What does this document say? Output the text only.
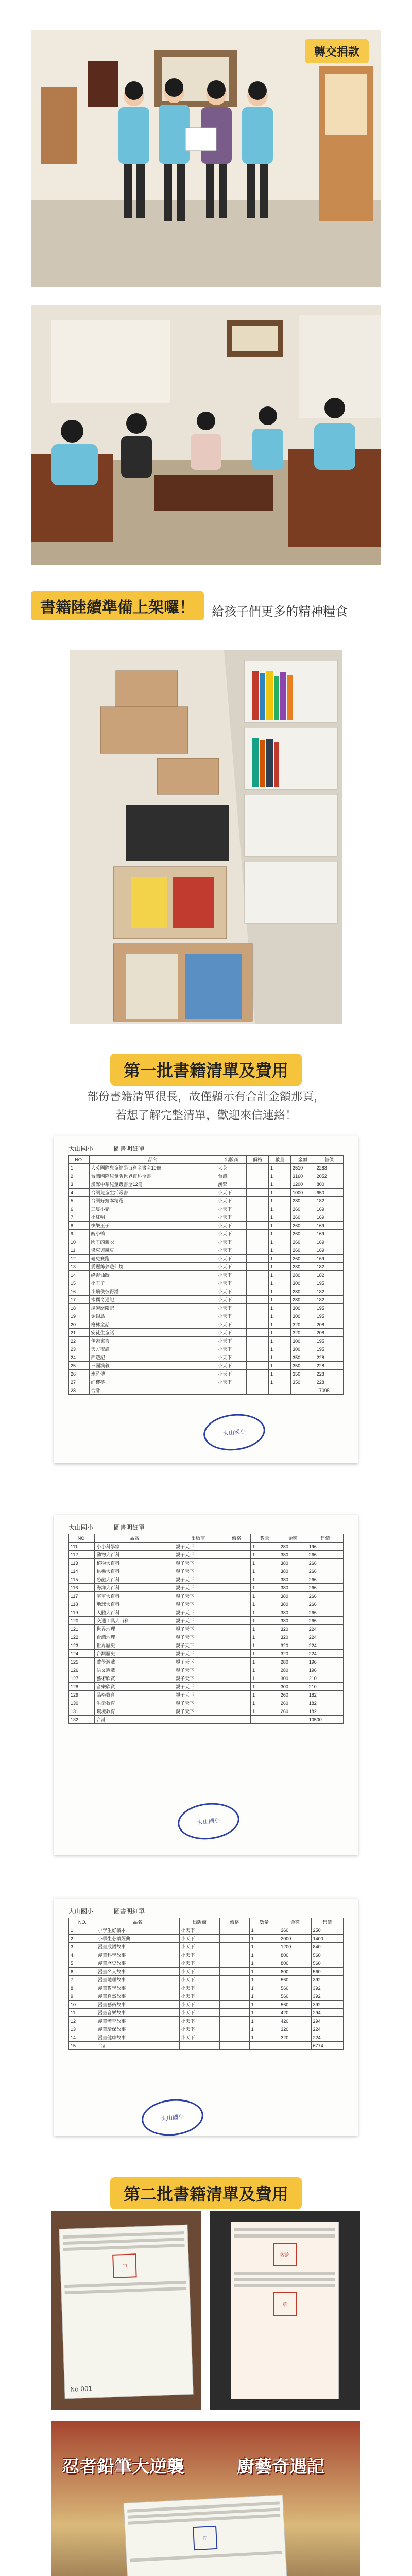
轉交捐款
書籍陸續準備上架囉！ 給孩子們更多的精神糧食
第一批書籍清單及費用
部份書籍清單很長，故僅顯示有合計金額那頁，
若想了解完整清單，歡迎來信連絡！
大山國小	圖書明細單
NO.	品名	出版商	價格	數量	金額	售價
1	大英國際兒童簡易百科全書全10冊	大英		1	3510	2283
2	台灣國際兒童版世界百科全書	台灣		1	3160	2052
3	漢聲中華兒童叢書全12冊	漢聲		1	1200	800
4	台灣兒童生活叢書	小天下		1	1000	650
5	台灣好繪本精選	小天下		1	280	182
6	三隻小豬	小天下		1	260	169
7	小紅帽	小天下		1	260	169
8	快樂王子	小天下		1	260	169
9	醜小鴨	小天下		1	260	169
10	國王的新衣	小天下		1	260	169
11	傑克與魔豆	小天下		1	260	169
12	龜兔賽跑	小天下		1	260	169
13	愛麗絲夢遊仙境	小天下		1	280	182
14	綠野仙蹤	小天下		1	280	182
15	小王子	小天下		1	300	195
16	小飛俠彼得潘	小天下		1	280	182
17	木偶奇遇記	小天下		1	280	182
18	湯姆歷險記	小天下		1	300	195
19	金銀島	小天下		1	300	195
20	格林童話	小天下		1	320	208
21	安徒生童話	小天下		1	320	208
22	伊索寓言	小天下		1	300	195
23	天方夜譚	小天下		1	300	195
24	西遊記	小天下		1	350	228
25	三國演義	小天下		1	350	228
26	水滸傳	小天下		1	350	228
27	紅樓夢	小天下		1	350	228
28	合計					17095
大山國小
大山國小	圖書明細單
NO.	品名	出版商	價格	數量	金額	售價
111	小小科學家	親子天下		1	280	196
112	動物大百科	親子天下		1	380	266
113	植物大百科	親子天下		1	380	266
114	昆蟲大百科	親子天下		1	380	266
115	恐龍大百科	親子天下		1	380	266
116	海洋大百科	親子天下		1	380	266
117	宇宙大百科	親子天下		1	380	266
118	地球大百科	親子天下		1	380	266
119	人體大百科	親子天下		1	380	266
120	交通工具大百科	親子天下		1	380	266
121	世界地理	親子天下		1	320	224
122	台灣地理	親子天下		1	320	224
123	世界歷史	親子天下		1	320	224
124	台灣歷史	親子天下		1	320	224
125	數學遊戲	親子天下		1	280	196
126	語文遊戲	親子天下		1	280	196
127	藝術欣賞	親子天下		1	300	210
128	音樂欣賞	親子天下		1	300	210
129	品格教育	親子天下		1	260	182
130	生命教育	親子天下		1	260	182
131	環境教育	親子天下		1	260	182
132	合計					10500
大山國小
大山國小	圖書明細單
NO.	品名	出版商	價格	數量	金額	售價
1	小學生好讀本	小天下		1	360	250
2	小學生必讀經典	小天下		1	2000	1400
3	漫畫成語故事	小天下		1	1200	840
4	漫畫科學故事	小天下		1	800	560
5	漫畫歷史故事	小天下		1	800	560
6	漫畫名人故事	小天下		1	800	560
7	漫畫地理故事	小天下		1	560	392
8	漫畫數學故事	小天下		1	560	392
9	漫畫自然故事	小天下		1	560	392
10	漫畫藝術故事	小天下		1	560	392
11	漫畫音樂故事	小天下		1	420	294
12	漫畫體育故事	小天下		1	420	294
13	漫畫環保故事	小天下		1	320	224
14	漫畫健康故事	小天下		1	320	224
15	合計					6774
大山國小
第二批書籍清單及費用
印
No 001
收訖
章
忍者鉛筆大逆襲	廚藝奇遇記
印
